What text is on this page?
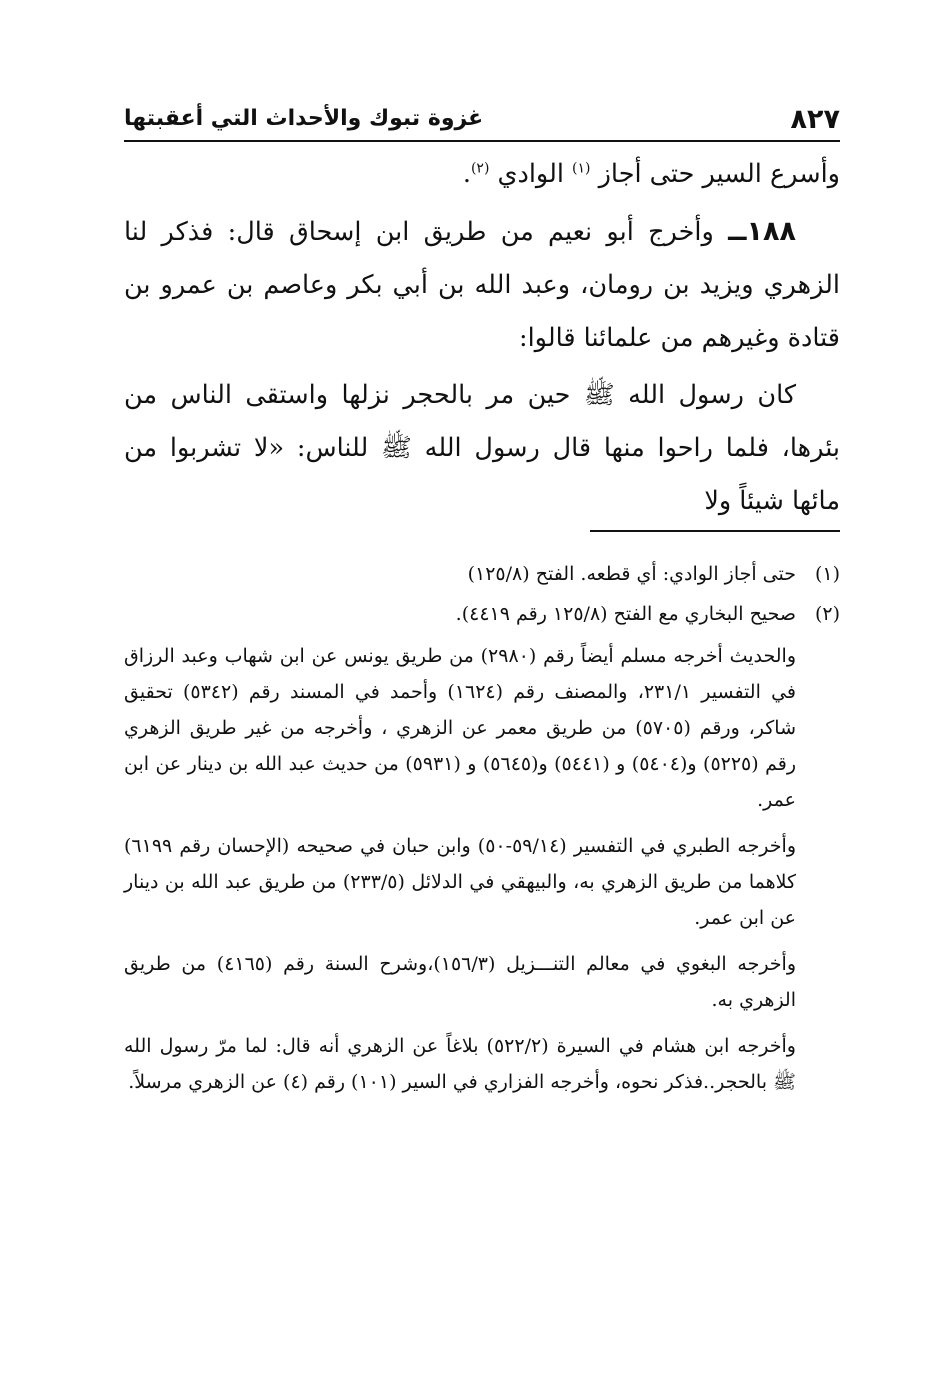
٨٢٧
غزوة تبوك والأحداث التي أعقبتها

وأسرع السير حتى أجاز $^{(١)}$ الوادي $^{(٢)}$.

١٨٨ــ وأخرج أبو نعيم من طريق ابن إسحاق قال: فذكر لنا الزهري ويزيد بن رومان، وعبد الله بن أبي بكر وعاصم بن عمرو بن قتادة وغيرهم من علمائنا قالوا:

كان رسول الله ﷺ حين مر بالحجر نزلها واستقى الناس من بئرها، فلما راحوا منها قال رسول الله ﷺ للناس: «لا تشربوا من مائها شيئاً ولا

(١)حتى أجاز الوادي: أي قطعه. الفتح (١٢٥/٨)

(٢)صحيح البخاري مع الفتح (١٢٥/٨ رقم ٤٤١٩).

والحديث أخرجه مسلم أيضاً رقم (٢٩٨٠) من طريق يونس عن ابن شهاب وعبد الرزاق في التفسير ٢٣١/١، والمصنف رقم (١٦٢٤) وأحمد في المسند رقم (٥٣٤٢) تحقيق شاكر، ورقم (٥٧٠٥) من طريق معمر عن الزهري ، وأخرجه من غير طريق الزهري رقم (٥٢٢٥) و(٥٤٠٤) و (٥٤٤١) و(٥٦٤٥) و (٥٩٣١) من حديث عبد الله بن دينار عن ابن عمر.

وأخرجه الطبري في التفسير (٥٩/١٤-٥٠) وابن حبان في صحيحه (الإحسان رقم ٦١٩٩) كلاهما من طريق الزهري به، والبيهقي في الدلائل (٢٣٣/٥) من طريق عبد الله بن دينار عن ابن عمر.

وأخرجه البغوي في معالم التنـــزيل (١٥٦/٣)،وشرح السنة رقم (٤١٦٥) من طريق الزهري به.

وأخرجه ابن هشام في السيرة (٥٢٢/٢) بلاغاً عن الزهري أنه قال: لما مرّ رسول الله ﷺ بالحجر..فذكر نحوه، وأخرجه الفزاري في السير (١٠١) رقم (٤) عن الزهري مرسلاً.
